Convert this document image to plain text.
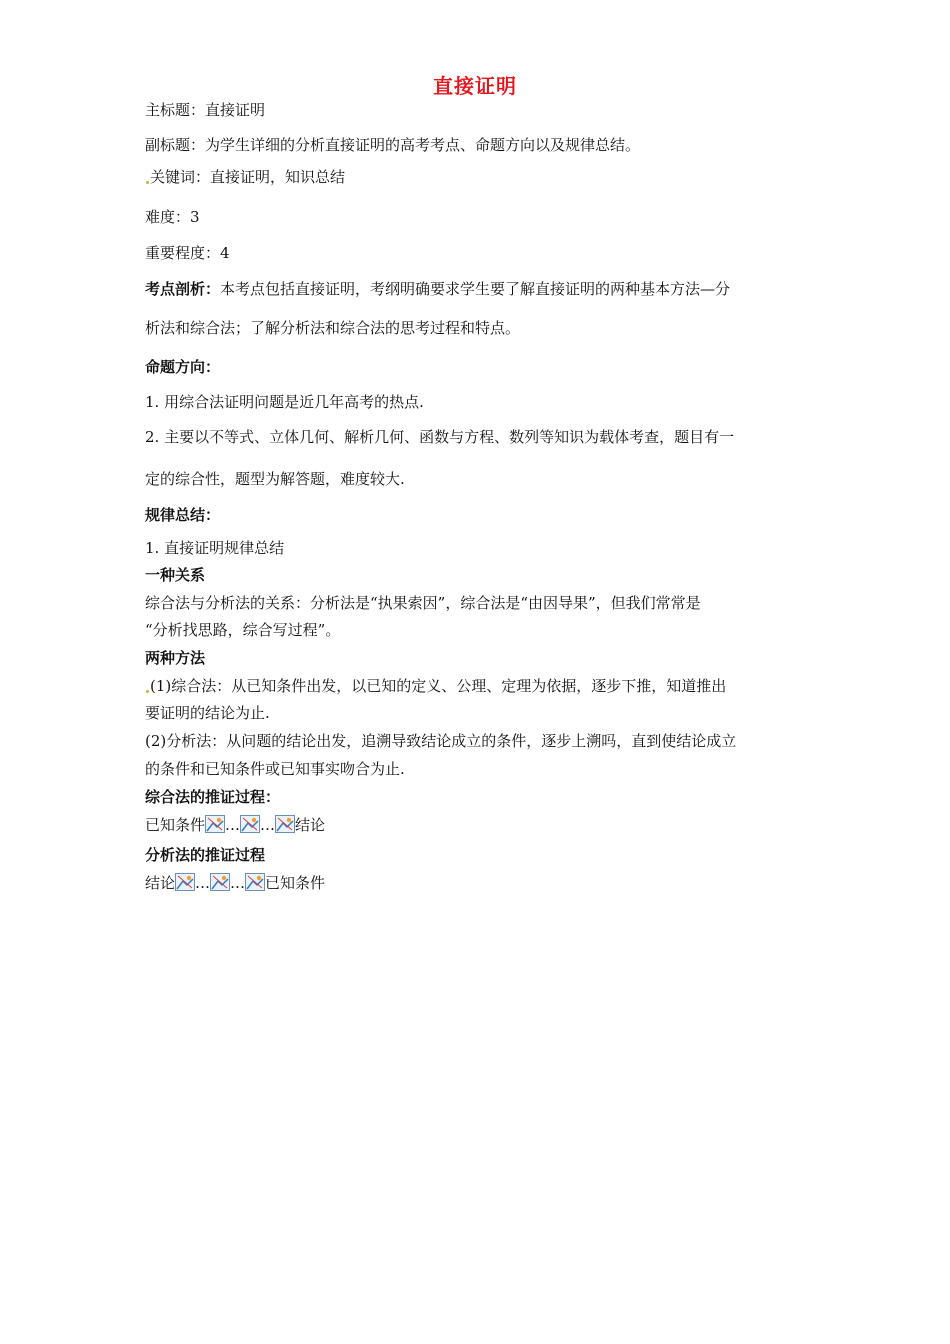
直接证明
主标题：直接证明
副标题：为学生详细的分析直接证明的高考考点、命题方向以及规律总结。
关键词：直接证明，知识总结
难度：3
重要程度：4
考点剖析：本考点包括直接证明，考纲明确要求学生要了解直接证明的两种基本方法—分
析法和综合法；了解分析法和综合法的思考过程和特点。
命题方向：
1. 用综合法证明问题是近几年高考的热点.
2. 主要以不等式、立体几何、解析几何、函数与方程、数列等知识为载体考查，题目有一
定的综合性，题型为解答题，难度较大.
规律总结：
1. 直接证明规律总结
一种关系
综合法与分析法的关系：分析法是“执果索因”，综合法是“由因导果”，但我们常常是
“分析找思路，综合写过程”。
两种方法
(1)综合法：从已知条件出发，以已知的定义、公理、定理为依据，逐步下推，知道推出
要证明的结论为止.
(2)分析法：从问题的结论出发，追溯导致结论成立的条件，逐步上溯吗，直到使结论成立
的条件和已知条件或已知事实吻合为止.
综合法的推证过程：
已知条件 … … 结论
分析法的推证过程
结论 … … 已知条件
